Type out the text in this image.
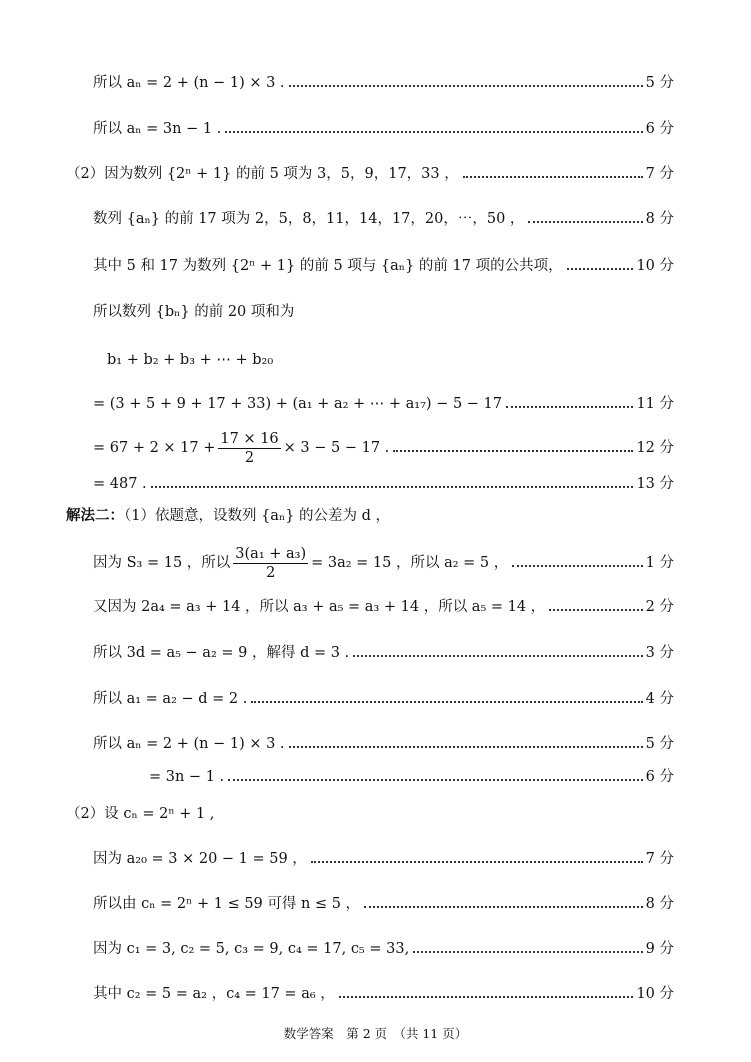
所以 aₙ = 2 + (n − 1) × 3 .	5 分
所以 aₙ = 3n − 1 .	6 分
（2）因为数列 {2ⁿ + 1} 的前 5 项为 3，5，9，17，33 ，	7 分
数列 {aₙ} 的前 17 项为 2，5，8，11，14，17，20，⋯，50 ，	8 分
其中 5 和 17 为数列 {2ⁿ + 1} 的前 5 项与 {aₙ} 的前 17 项的公共项，	10 分
所以数列 {bₙ} 的前 20 项和为
b₁ + b₂ + b₃ + ⋯ + b₂₀
= (3 + 5 + 9 + 17 + 33) + (a₁ + a₂ + ⋯ + a₁₇) − 5 − 17	11 分
= $67 + 2 \times 17 + \frac{17 \times 16}{2} \times 3 - 5 - 17$ .	12 分
= 487 .	13 分
解法二：（1）依题意，设数列 {aₙ} 的公差为 d ，
因为 S₃ = 15 ，所以 $\frac{\text{3(a₁ + a₃)}}{2} = 3a_2 = 15$ ，所以 a₂ = 5 ，	1 分
又因为 2a₄ = a₃ + 14 ，所以 a₃ + a₅ = a₃ + 14 ，所以 a₅ = 14 ，	2 分
所以 3d = a₅ − a₂ = 9 ，解得 d = 3 .	3 分
所以 a₁ = a₂ − d = 2 .	4 分
所以 aₙ = 2 + (n − 1) × 3 .	5 分
= 3n − 1 .	6 分
（2）设 cₙ = 2ⁿ + 1 ,
因为 a₂₀ = 3 × 20 − 1 = 59 ，	7 分
所以由 cₙ = 2ⁿ + 1 ≤ 59 可得 n ≤ 5 ，	8 分
因为 c₁ = 3, c₂ = 5, c₃ = 9, c₄ = 17, c₅ = 33,	9 分
其中 c₂ = 5 = a₂ ，c₄ = 17 = a₆ ，	10 分
数学答案　第 2 页　（共 11 页）
